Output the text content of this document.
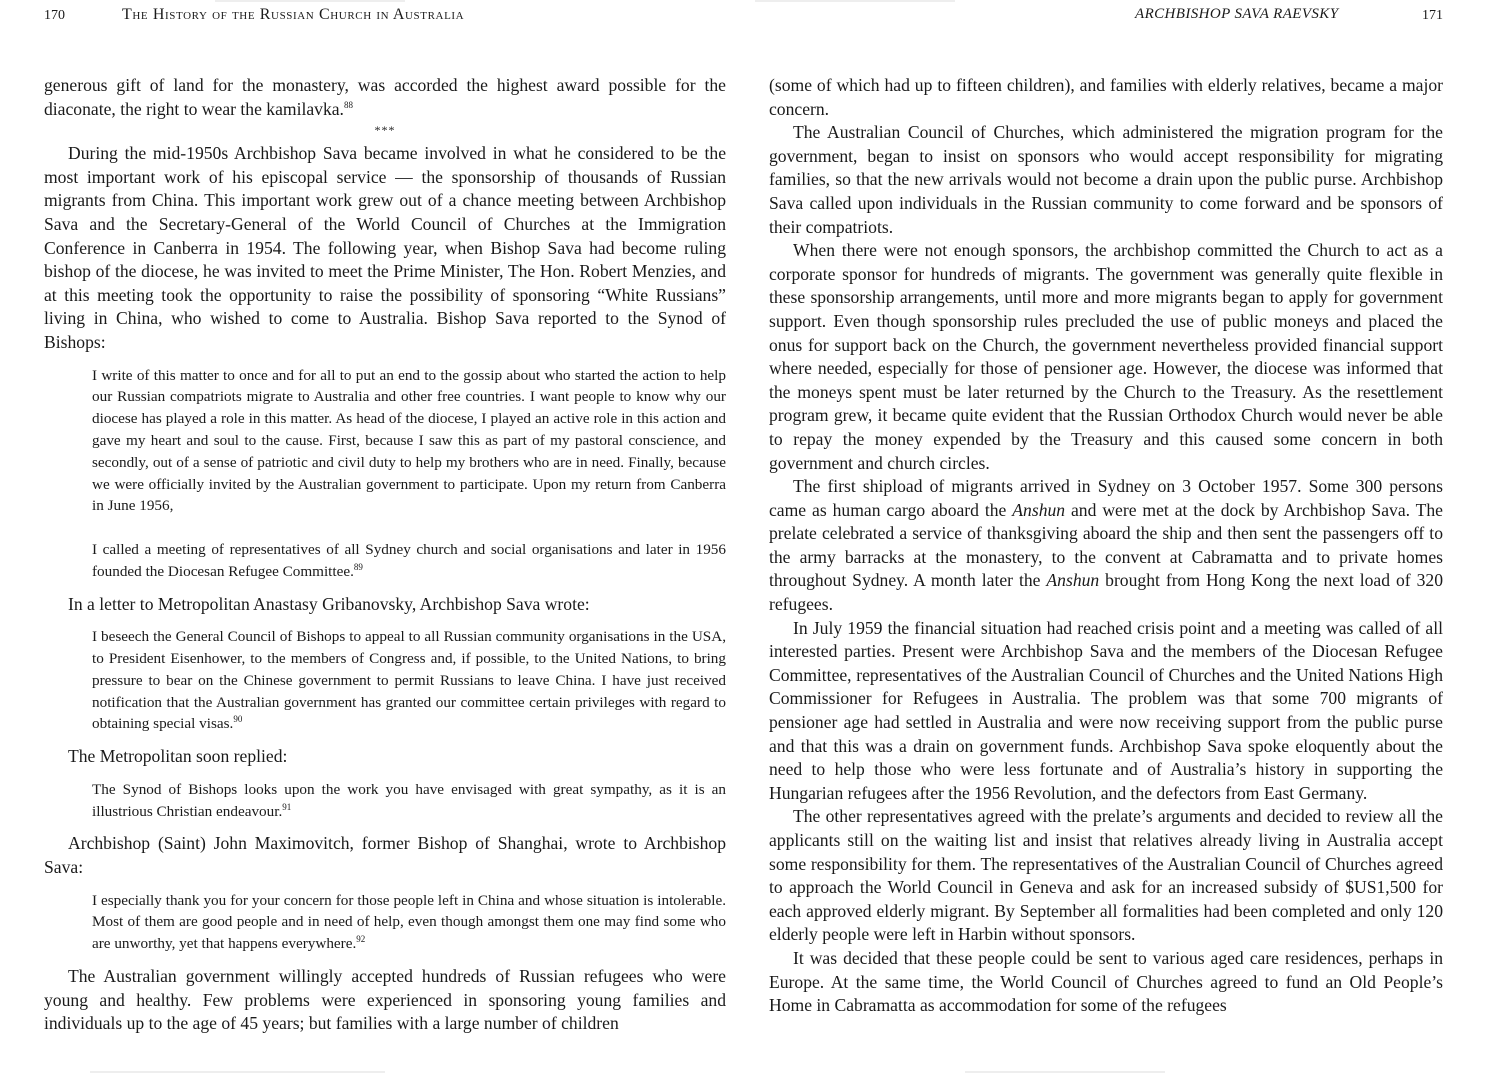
170	The History of the Russian Church in Australia

generous gift of land for the monastery, was accorded the highest award possible for the diaconate, the right to wear the kamilavka.$^{88}$

***

During the mid-1950s Archbishop Sava became involved in what he considered to be the most important work of his episcopal service — the sponsorship of thousands of Russian migrants from China. This important work grew out of a chance meeting between Archbishop Sava and the Secretary-General of the World Council of Churches at the Immigration Conference in Canberra in 1954. The following year, when Bishop Sava had become ruling bishop of the diocese, he was invited to meet the Prime Minister, The Hon. Robert Menzies, and at this meeting took the opportunity to raise the possibility of sponsoring “White Russians” living in China, who wished to come to Australia. Bishop Sava reported to the Synod of Bishops:

I write of this matter to once and for all to put an end to the gossip about who started the action to help our Russian compatriots migrate to Australia and other free countries. I want people to know why our diocese has played a role in this matter. As head of the diocese, I played an active role in this action and gave my heart and soul to the cause. First, because I saw this as part of my pastoral conscience, and secondly, out of a sense of patriotic and civil duty to help my brothers who are in need. Finally, because we were officially invited by the Australian government to participate. Upon my return from Canberra in June 1956,
I called a meeting of representatives of all Sydney church and social organisations and later in 1956 founded the Diocesan Refugee Committee.$^{89}$

In a letter to Metropolitan Anastasy Gribanovsky, Archbishop Sava wrote:

I beseech the General Council of Bishops to appeal to all Russian community organisations in the USA, to President Eisenhower, to the members of Congress and, if possible, to the United Nations, to bring pressure to bear on the Chinese government to permit Russians to leave China. I have just received notification that the Australian government has granted our committee certain privileges with regard to obtaining special visas.$^{90}$

The Metropolitan soon replied:

The Synod of Bishops looks upon the work you have envisaged with great sympathy, as it is an illustrious Christian endeavour.$^{91}$

Archbishop (Saint) John Maximovitch, former Bishop of Shanghai, wrote to Archbishop Sava:

I especially thank you for your concern for those people left in China and whose situation is intolerable. Most of them are good people and in need of help, even though amongst them one may find some who are unworthy, yet that happens everywhere.$^{92}$

The Australian government willingly accepted hundreds of Russian refugees who were young and healthy. Few problems were experienced in sponsoring young families and individuals up to the age of 45 years; but families with a large number of children

ARCHBISHOP SAVA RAEVSKY	171

(some of which had up to fifteen children), and families with elderly relatives, became a major concern.

The Australian Council of Churches, which administered the migration program for the government, began to insist on sponsors who would accept responsibility for migrating families, so that the new arrivals would not become a drain upon the public purse. Archbishop Sava called upon individuals in the Russian community to come forward and be sponsors of their compatriots.

When there were not enough sponsors, the archbishop committed the Church to act as a corporate sponsor for hundreds of migrants. The government was generally quite flexible in these sponsorship arrangements, until more and more migrants began to apply for government support. Even though sponsorship rules precluded the use of public moneys and placed the onus for support back on the Church, the government nevertheless provided financial support where needed, especially for those of pensioner age. However, the diocese was informed that the moneys spent must be later returned by the Church to the Treasury. As the resettlement program grew, it became quite evident that the Russian Orthodox Church would never be able to repay the money expended by the Treasury and this caused some concern in both government and church circles.

The first shipload of migrants arrived in Sydney on 3 October 1957. Some 300 persons came as human cargo aboard the Anshun and were met at the dock by Archbishop Sava. The prelate celebrated a service of thanksgiving aboard the ship and then sent the passengers off to the army barracks at the monastery, to the convent at Cabramatta and to private homes throughout Sydney. A month later the Anshun brought from Hong Kong the next load of 320 refugees.

In July 1959 the financial situation had reached crisis point and a meeting was called of all interested parties. Present were Archbishop Sava and the members of the Diocesan Refugee Committee, representatives of the Australian Council of Churches and the United Nations High Commissioner for Refugees in Australia. The problem was that some 700 migrants of pensioner age had settled in Australia and were now receiving support from the public purse and that this was a drain on government funds. Archbishop Sava spoke eloquently about the need to help those who were less fortunate and of Australia’s history in supporting the Hungarian refugees after the 1956 Revolution, and the defectors from East Germany.

The other representatives agreed with the prelate’s arguments and decided to review all the applicants still on the waiting list and insist that relatives already living in Australia accept some responsibility for them. The representatives of the Australian Council of Churches agreed to approach the World Council in Geneva and ask for an increased subsidy of $US1,500 for each approved elderly migrant. By September all formalities had been completed and only 120 elderly people were left in Harbin without sponsors.

It was decided that these people could be sent to various aged care residences, perhaps in Europe. At the same time, the World Council of Churches agreed to fund an Old People’s Home in Cabramatta as accommodation for some of the refugees
